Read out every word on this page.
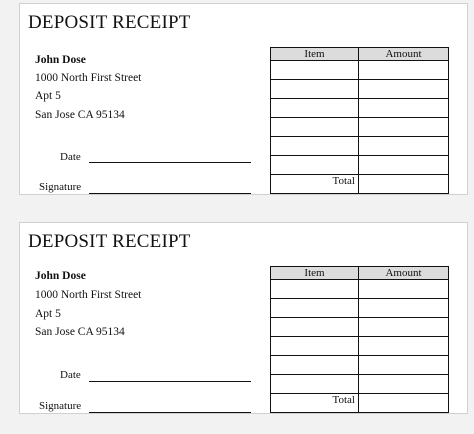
DEPOSIT RECEIPT
John Dose
1000 North First Street
Apt 5
San Jose CA 95134
Date
Signature
Item	Amount

Total	
DEPOSIT RECEIPT
John Dose
1000 North First Street
Apt 5
San Jose CA 95134
Date
Signature
Item	Amount

Total	
